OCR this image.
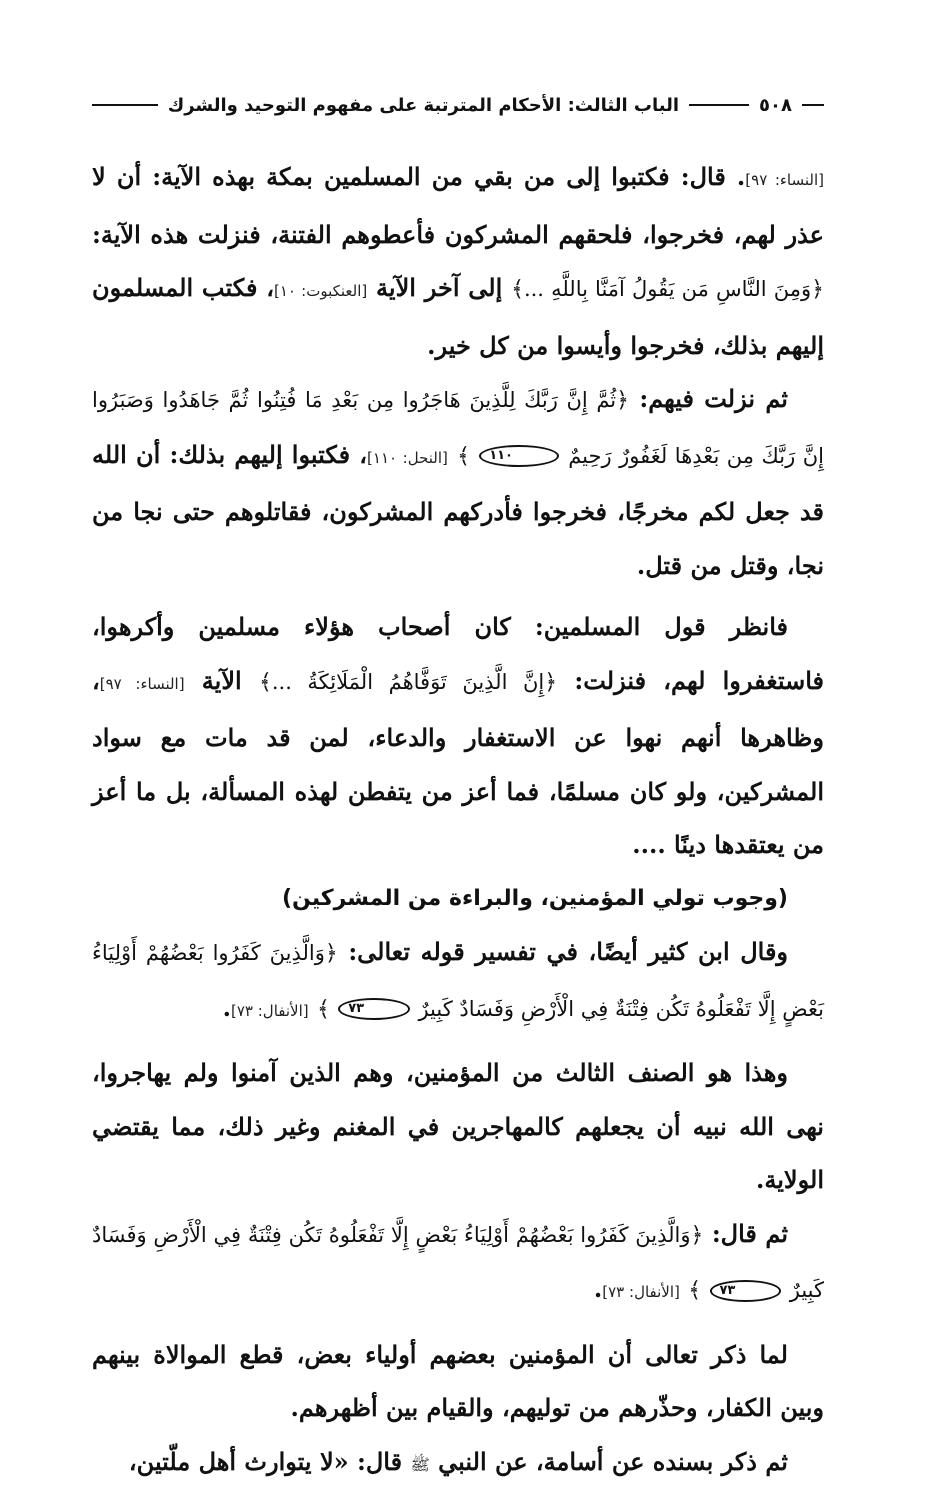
٥٠٨
الباب الثالث: الأحكام المترتبة على مفهوم التوحيد والشرك

[النساء: ٩٧]. قال: فكتبوا إلى من بقي من المسلمين بمكة بهذه الآية: أن لا عذر لهم، فخرجوا، فلحقهم المشركون فأعطوهم الفتنة، فنزلت هذه الآية: ﴿وَمِنَ النَّاسِ مَن يَقُولُ آمَنَّا بِاللَّهِ ...﴾ إلى آخر الآية [العنكبوت: ١٠]، فكتب المسلمون إليهم بذلك، فخرجوا وأيسوا من كل خير.

ثم نزلت فيهم: ﴿ثُمَّ إِنَّ رَبَّكَ لِلَّذِينَ هَاجَرُوا مِن بَعْدِ مَا فُتِنُوا ثُمَّ جَاهَدُوا وَصَبَرُوا إِنَّ رَبَّكَ مِن بَعْدِهَا لَغَفُورٌ رَحِيمٌ ١١٠ ﴾ [النحل: ١١٠]، فكتبوا إليهم بذلك: أن الله قد جعل لكم مخرجًا، فخرجوا فأدركهم المشركون، فقاتلوهم حتى نجا من نجا، وقتل من قتل.

فانظر قول المسلمين: كان أصحاب هؤلاء مسلمين وأكرهوا، فاستغفروا لهم، فنزلت: ﴿إِنَّ الَّذِينَ تَوَفَّاهُمُ الْمَلَائِكَةُ ...﴾ الآية [النساء: ٩٧]، وظاهرها أنهم نهوا عن الاستغفار والدعاء، لمن قد مات مع سواد المشركين، ولو كان مسلمًا، فما أعز من يتفطن لهذه المسألة، بل ما أعز من يعتقدها دينًا ....

(وجوب تولي المؤمنين، والبراءة من المشركين)

وقال ابن كثير أيضًا، في تفسير قوله تعالى: ﴿وَالَّذِينَ كَفَرُوا بَعْضُهُمْ أَوْلِيَاءُ بَعْضٍ إِلَّا تَفْعَلُوهُ تَكُن فِتْنَةٌ فِي الْأَرْضِ وَفَسَادٌ كَبِيرٌ ٧٣ ﴾ [الأنفال: ٧٣].

وهذا هو الصنف الثالث من المؤمنين، وهم الذين آمنوا ولم يهاجروا، نهى الله نبيه أن يجعلهم كالمهاجرين في المغنم وغير ذلك، مما يقتضي الولاية.

ثم قال: ﴿وَالَّذِينَ كَفَرُوا بَعْضُهُمْ أَوْلِيَاءُ بَعْضٍ إِلَّا تَفْعَلُوهُ تَكُن فِتْنَةٌ فِي الْأَرْضِ وَفَسَادٌ كَبِيرٌ ٧٣ ﴾ [الأنفال: ٧٣].

لما ذكر تعالى أن المؤمنين بعضهم أولياء بعض، قطع الموالاة بينهم وبين الكفار، وحذّرهم من توليهم، والقيام بين أظهرهم.

ثم ذكر بسنده عن أسامة، عن النبي ﷺ قال: «لا يتوارث أهل ملّتين،
